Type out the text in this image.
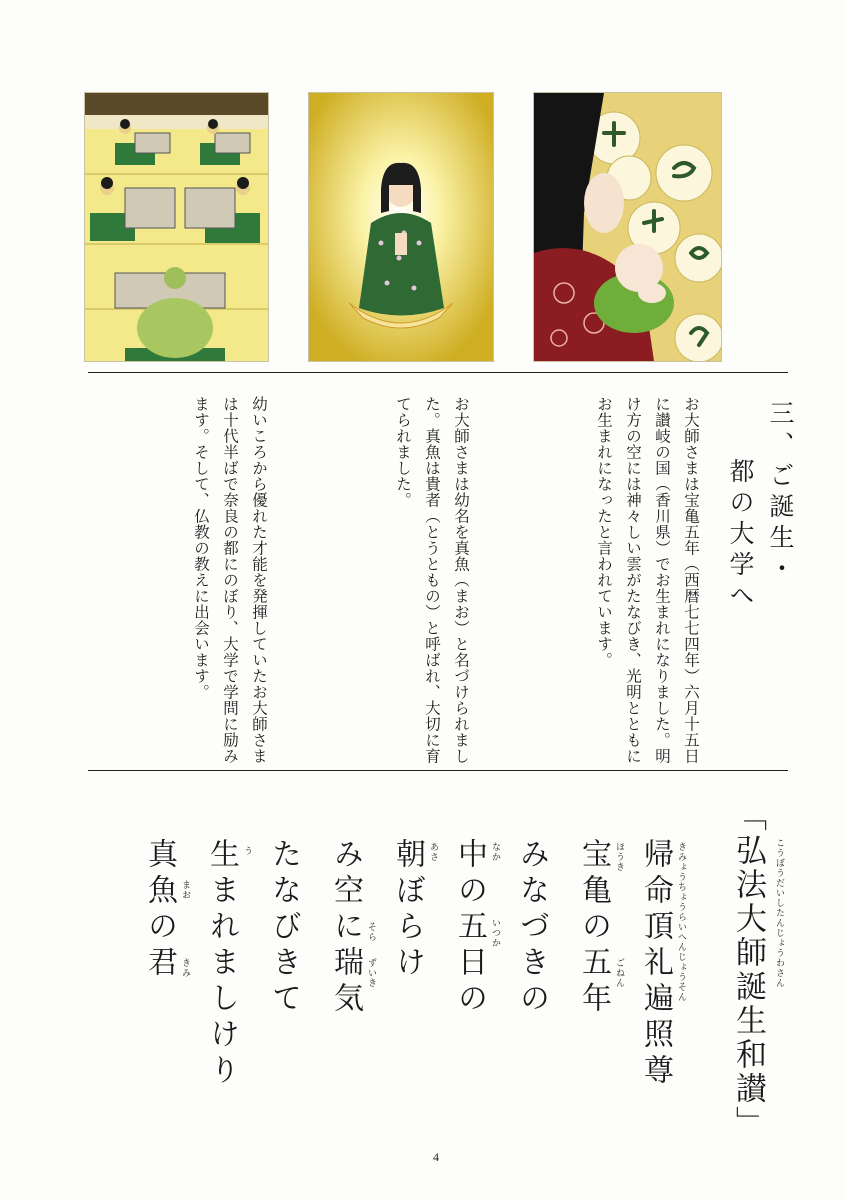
三、ご誕生・
都の大学へ
お大師さまは宝亀五年（西暦七七四年）六月十五日に讃岐の国（香川県）でお生まれになりました。明け方の空には神々しい雲がたなびき、光明とともにお生まれになったと言われています。
お大師さまは幼名を真魚（まお）と名づけられました。真魚は貴者（とうともの）と呼ばれ、大切に育てられました。
幼いころから優れた才能を発揮していたお大師さまは十代半ばで奈良の都にのぼり、大学で学問に励みます。そして、仏教の教えに出会います。
「弘法大師誕生和讃」 こうぼうだいしたんじょうわさん
帰命頂礼遍照尊 きみょうちょうらいへんじょうそん
宝亀の五年 ほうき
ごねん
みなづきの
中の五日の なか
いつか
朝ぼらけ あさ
み空に瑞気 そら
ずいき
たなびきて
生まれましけり う
真魚の君 まお
きみ
4
